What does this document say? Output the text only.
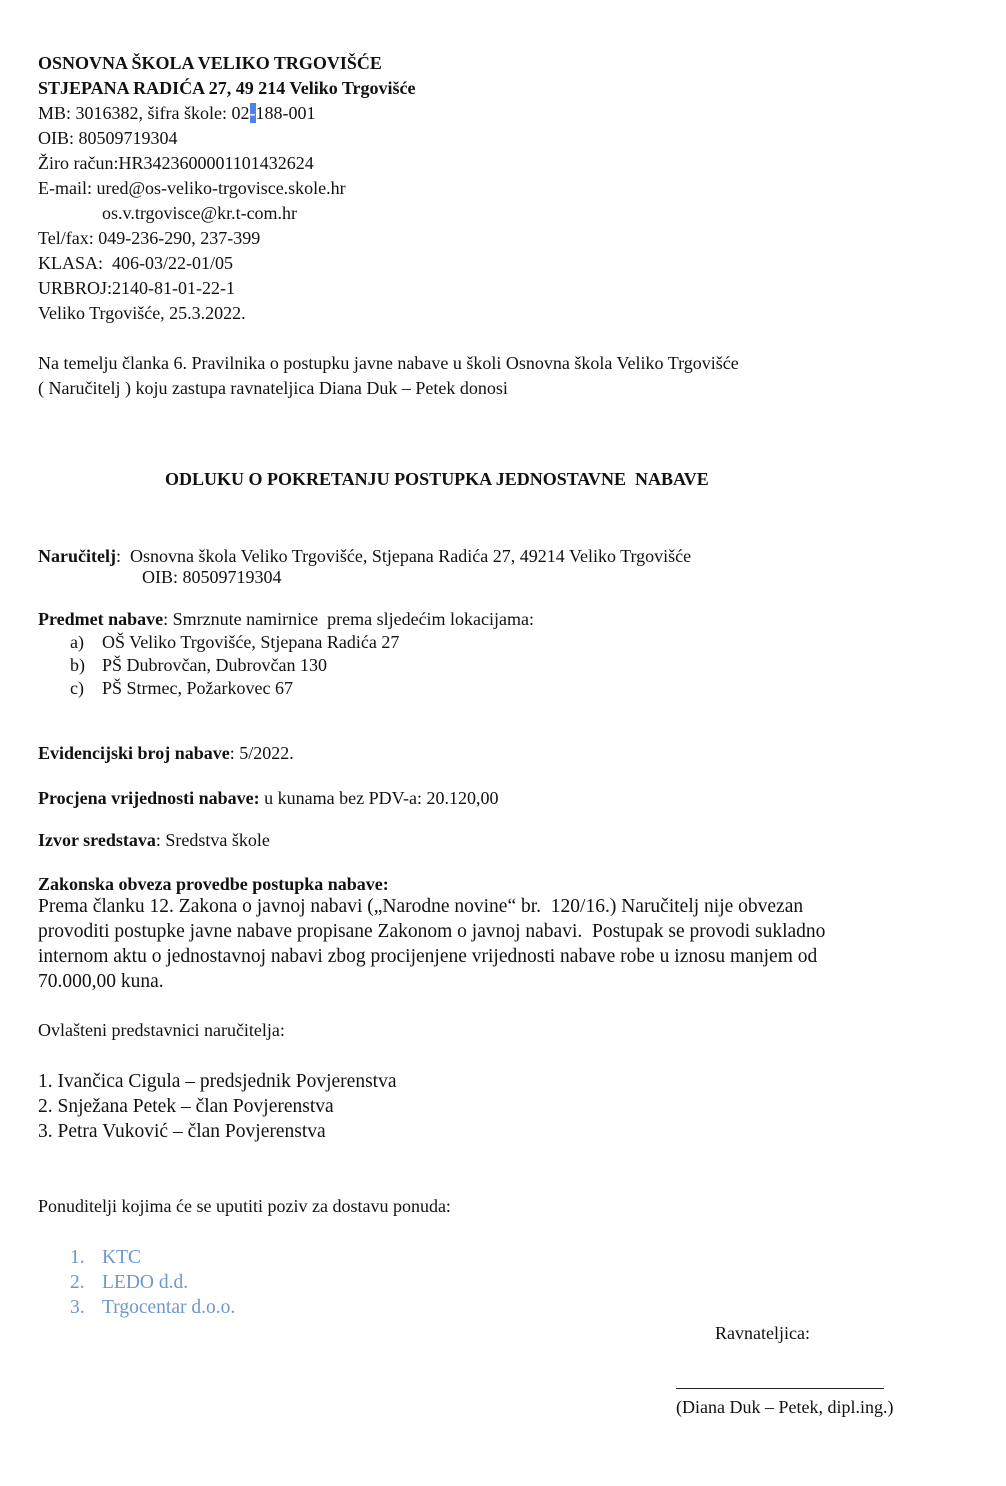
OSNOVNA ŠKOLA VELIKO TRGOVIŠĆE
STJEPANA RADIĆA 27, 49 214 Veliko Trgovišće
MB: 3016382, šifra škole: 02-188-001
OIB: 80509719304
Žiro račun:HR3423600001101432624
E-mail: ured@os-veliko-trgovisce.skole.hr
os.v.trgovisce@kr.t-com.hr
Tel/fax: 049-236-290, 237-399
KLASA:  406-03/22-01/05
URBROJ:2140-81-01-22-1
Veliko Trgovišće, 25.3.2022.
Na temelju članka 6. Pravilnika o postupku javne nabave u školi Osnovna škola Veliko Trgovišće
( Naručitelj ) koju zastupa ravnateljica Diana Duk – Petek donosi
ODLUKU O POKRETANJU POSTUPKA JEDNOSTAVNE  NABAVE
Naručitelj:  Osnovna škola Veliko Trgovišće, Stjepana Radića 27, 49214 Veliko Trgovišće
OIB: 80509719304
Predmet nabave: Smrznute namirnice  prema sljedećim lokacijama:
a) OŠ Veliko Trgovišće, Stjepana Radića 27
b) PŠ Dubrovčan, Dubrovčan 130
c) PŠ Strmec, Požarkovec 67
Evidencijski broj nabave: 5/2022.
Procjena vrijednosti nabave: u kunama bez PDV-a: 20.120,00
Izvor sredstava: Sredstva škole
Zakonska obveza provedbe postupka nabave:
Prema članku 12. Zakona o javnoj nabavi („Narodne novine“ br.  120/16.) Naručitelj nije obvezan
provoditi postupke javne nabave propisane Zakonom o javnoj nabavi.  Postupak se provodi sukladno
internom aktu o jednostavnoj nabavi zbog procijenjene vrijednosti nabave robe u iznosu manjem od
70.000,00 kuna.
Ovlašteni predstavnici naručitelja:
1. Ivančica Cigula – predsjednik Povjerenstva
2. Snježana Petek – član Povjerenstva
3. Petra Vuković – član Povjerenstva
Ponuditelji kojima će se uputiti poziv za dostavu ponuda:
1. KTC
2. LEDO d.d.
3. Trgocentar d.o.o.
Ravnateljica:
(Diana Duk – Petek, dipl.ing.)
